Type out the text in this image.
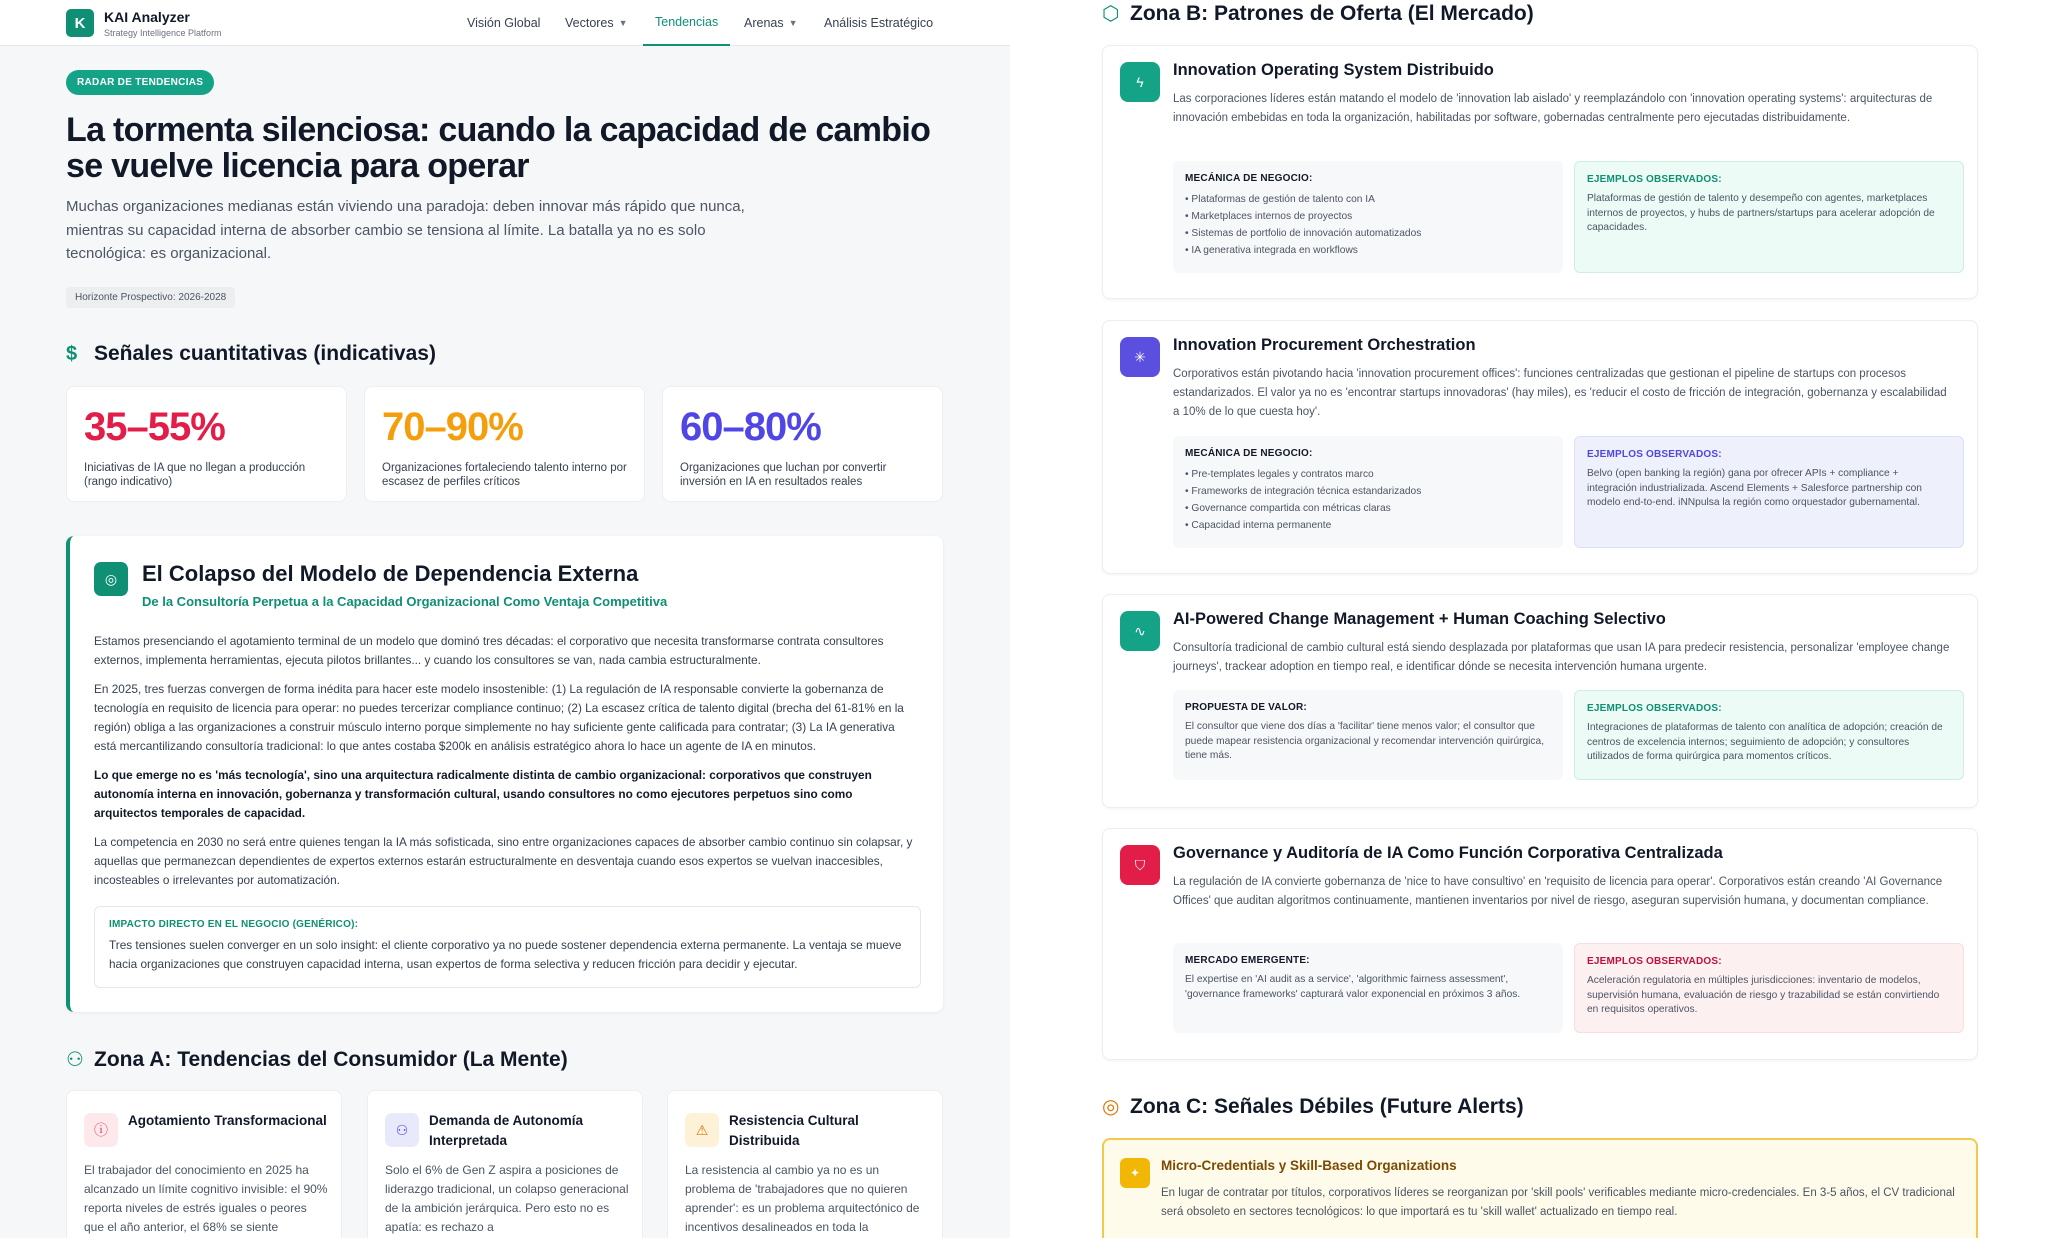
K	KAI Analyzer
Strategy Intelligence Platform
Visión Global Vectores ▼ Tendencias Arenas ▼ Análisis Estratégico
RADAR DE TENDENCIAS
La tormenta silenciosa: cuando la capacidad de cambio se vuelve licencia para operar

Muchas organizaciones medianas están viviendo una paradoja: deben innovar más rápido que nunca, mientras su capacidad interna de absorber cambio se tensiona al límite. La batalla ya no es solo tecnológica: es organizacional.

Horizonte Prospectivo: 2026-2028
$ Señales cuantitativas (indicativas)
35–55%
Iniciativas de IA que no llegan a producción (rango indicativo)
70–90%
Organizaciones fortaleciendo talento interno por escasez de perfiles críticos
60–80%
Organizaciones que luchan por convertir inversión en IA en resultados reales
◎	El Colapso del Modelo de Dependencia Externa
De la Consultoría Perpetua a la Capacidad Organizacional Como Ventaja Competitiva

Estamos presenciando el agotamiento terminal de un modelo que dominó tres décadas: el corporativo que necesita transformarse contrata consultores externos, implementa herramientas, ejecuta pilotos brillantes... y cuando los consultores se van, nada cambia estructuralmente.

En 2025, tres fuerzas convergen de forma inédita para hacer este modelo insostenible: (1) La regulación de IA responsable convierte la gobernanza de tecnología en requisito de licencia para operar: no puedes tercerizar compliance continuo; (2) La escasez crítica de talento digital (brecha del 61-81% en la región) obliga a las organizaciones a construir músculo interno porque simplemente no hay suficiente gente calificada para contratar; (3) La IA generativa está mercantilizando consultoría tradicional: lo que antes costaba $200k en análisis estratégico ahora lo hace un agente de IA en minutos.

Lo que emerge no es 'más tecnología', sino una arquitectura radicalmente distinta de cambio organizacional: corporativos que construyen autonomía interna en innovación, gobernanza y transformación cultural, usando consultores no como ejecutores perpetuos sino como arquitectos temporales de capacidad.

La competencia en 2030 no será entre quienes tengan la IA más sofisticada, sino entre organizaciones capaces de absorber cambio continuo sin colapsar, y aquellas que permanezcan dependientes de expertos externos estarán estructuralmente en desventaja cuando esos expertos se vuelvan inaccesibles, incosteables o irrelevantes por automatización.

IMPACTO DIRECTO EN EL NEGOCIO (GENÉRICO):
Tres tensiones suelen converger en un solo insight: el cliente corporativo ya no puede sostener dependencia externa permanente. La ventaja se mueve hacia organizaciones que construyen capacidad interna, usan expertos de forma selectiva y reducen fricción para decidir y ejecutar.
⚇ Zona A: Tendencias del Consumidor (La Mente)
ⓘ
Agotamiento Transformacional
El trabajador del conocimiento en 2025 ha alcanzado un límite cognitivo invisible: el 90% reporta niveles de estrés iguales o peores que el año anterior, el 68% se siente
⚇
Demanda de Autonomía Interpretada
Solo el 6% de Gen Z aspira a posiciones de liderazgo tradicional, un colapso generacional de la ambición jerárquica. Pero esto no es apatía: es rechazo a
⚠
Resistencia Cultural Distribuida
La resistencia al cambio ya no es un problema de 'trabajadores que no quieren aprender': es un problema arquitectónico de incentivos desalineados en toda la
⬡ Zona B: Patrones de Oferta (El Mercado)
ϟ
Innovation Operating System Distribuido
Las corporaciones líderes están matando el modelo de 'innovation lab aislado' y reemplazándolo con 'innovation operating systems': arquitecturas de innovación embebidas en toda la organización, habilitadas por software, gobernadas centralmente pero ejecutadas distribuidamente.
MECÁNICA DE NEGOCIO:
• Plataformas de gestión de talento con IA
• Marketplaces internos de proyectos
• Sistemas de portfolio de innovación automatizados
• IA generativa integrada en workflows
EJEMPLOS OBSERVADOS:
Plataformas de gestión de talento y desempeño con agentes, marketplaces internos de proyectos, y hubs de partners/startups para acelerar adopción de capacidades.
✳
Innovation Procurement Orchestration
Corporativos están pivotando hacia 'innovation procurement offices': funciones centralizadas que gestionan el pipeline de startups con procesos estandarizados. El valor ya no es 'encontrar startups innovadoras' (hay miles), es 'reducir el costo de fricción de integración, gobernanza y escalabilidad a 10% de lo que cuesta hoy'.
MECÁNICA DE NEGOCIO:
• Pre-templates legales y contratos marco
• Frameworks de integración técnica estandarizados
• Governance compartida con métricas claras
• Capacidad interna permanente
EJEMPLOS OBSERVADOS:
Belvo (open banking la región) gana por ofrecer APIs + compliance + integración industrializada. Ascend Elements + Salesforce partnership con modelo end-to-end. iNNpulsa la región como orquestador gubernamental.
∿
AI-Powered Change Management + Human Coaching Selectivo
Consultoría tradicional de cambio cultural está siendo desplazada por plataformas que usan IA para predecir resistencia, personalizar 'employee change journeys', trackear adoption en tiempo real, e identificar dónde se necesita intervención humana urgente.
PROPUESTA DE VALOR:
El consultor que viene dos días a 'facilitar' tiene menos valor; el consultor que puede mapear resistencia organizacional y recomendar intervención quirúrgica, tiene más.
EJEMPLOS OBSERVADOS:
Integraciones de plataformas de talento con analítica de adopción; creación de centros de excelencia internos; seguimiento de adopción; y consultores utilizados de forma quirúrgica para momentos críticos.
⛉
Governance y Auditoría de IA Como Función Corporativa Centralizada
La regulación de IA convierte gobernanza de 'nice to have consultivo' en 'requisito de licencia para operar'. Corporativos están creando 'AI Governance Offices' que auditan algoritmos continuamente, mantienen inventarios por nivel de riesgo, aseguran supervisión humana, y documentan compliance.
MERCADO EMERGENTE:
El expertise en 'AI audit as a service', 'algorithmic fairness assessment', 'governance frameworks' capturará valor exponencial en próximos 3 años.
EJEMPLOS OBSERVADOS:
Aceleración regulatoria en múltiples jurisdicciones: inventario de modelos, supervisión humana, evaluación de riesgo y trazabilidad se están convirtiendo en requisitos operativos.
◎ Zona C: Señales Débiles (Future Alerts)
✦	Micro-Credentials y Skill-Based Organizations
En lugar de contratar por títulos, corporativos líderes se reorganizan por 'skill pools' verificables mediante micro-credenciales. En 3-5 años, el CV tradicional será obsoleto en sectores tecnológicos: lo que importará es tu 'skill wallet' actualizado en tiempo real.
